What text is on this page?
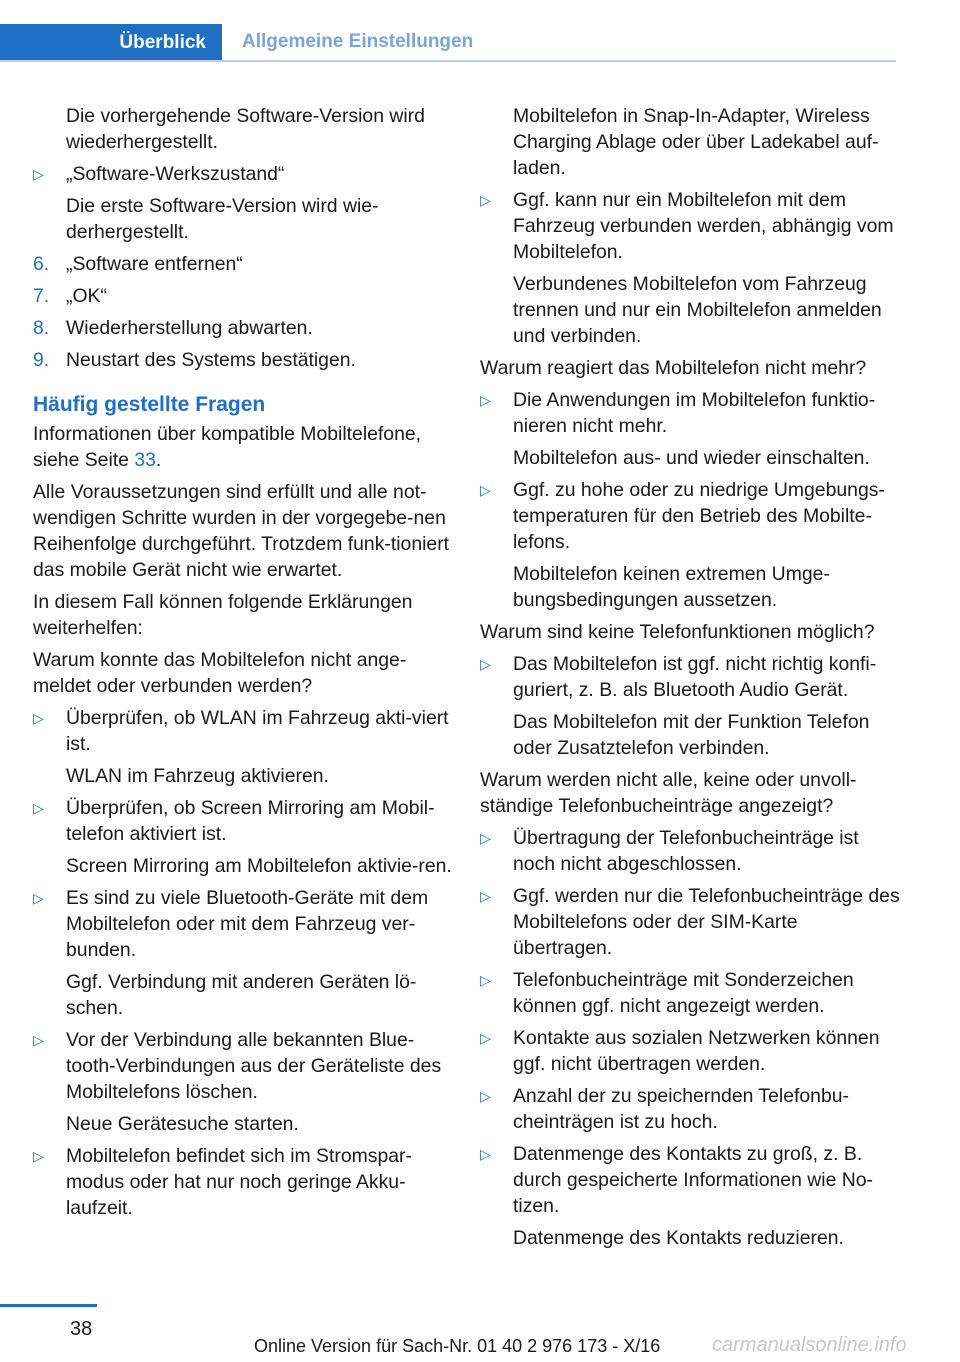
Überblick	Allgemeine Einstellungen
Die vorhergehende Software-Version wird wiederhergestellt.
▷	„Software-Werkszustand“
Die erste Software-Version wird wie-derhergestellt.
6. „Software entfernen“
7. „OK“
8. Wiederherstellung abwarten.
9. Neustart des Systems bestätigen.
Häufig gestellte Fragen
Informationen über kompatible Mobiltelefone, siehe Seite 33.
Alle Voraussetzungen sind erfüllt und alle not-wendigen Schritte wurden in der vorgegebe-nen Reihenfolge durchgeführt. Trotzdem funk-tioniert das mobile Gerät nicht wie erwartet.
In diesem Fall können folgende Erklärungen weiterhelfen:
Warum konnte das Mobiltelefon nicht ange-meldet oder verbunden werden?
▷	Überprüfen, ob WLAN im Fahrzeug akti-viert ist.
WLAN im Fahrzeug aktivieren.
▷	Überprüfen, ob Screen Mirroring am Mobil-telefon aktiviert ist.
Screen Mirroring am Mobiltelefon aktivie-ren.
▷	Es sind zu viele Bluetooth-Geräte mit dem Mobiltelefon oder mit dem Fahrzeug ver-bunden.
Ggf. Verbindung mit anderen Geräten lö-schen.
▷	Vor der Verbindung alle bekannten Blue-tooth-Verbindungen aus der Geräteliste des Mobiltelefons löschen.
Neue Gerätesuche starten.
▷	Mobiltelefon befindet sich im Stromspar-modus oder hat nur noch geringe Akku-laufzeit.
Mobiltelefon in Snap-In-Adapter, Wireless Charging Ablage oder über Ladekabel auf-laden.
▷	Ggf. kann nur ein Mobiltelefon mit dem Fahrzeug verbunden werden, abhängig vom Mobiltelefon.
Verbundenes Mobiltelefon vom Fahrzeug trennen und nur ein Mobiltelefon anmelden und verbinden.
Warum reagiert das Mobiltelefon nicht mehr?
▷	Die Anwendungen im Mobiltelefon funktio-nieren nicht mehr.
Mobiltelefon aus- und wieder einschalten.
▷	Ggf. zu hohe oder zu niedrige Umgebungs-temperaturen für den Betrieb des Mobilte-lefons.
Mobiltelefon keinen extremen Umge-bungsbedingungen aussetzen.
Warum sind keine Telefonfunktionen möglich?
▷	Das Mobiltelefon ist ggf. nicht richtig konfi-guriert, z. B. als Bluetooth Audio Gerät.
Das Mobiltelefon mit der Funktion Telefon oder Zusatztelefon verbinden.
Warum werden nicht alle, keine oder unvoll-ständige Telefonbucheinträge angezeigt?
▷	Übertragung der Telefonbucheinträge ist noch nicht abgeschlossen.
▷	Ggf. werden nur die Telefonbucheinträge des Mobiltelefons oder der SIM-Karte übertragen.
▷	Telefonbucheinträge mit Sonderzeichen können ggf. nicht angezeigt werden.
▷	Kontakte aus sozialen Netzwerken können ggf. nicht übertragen werden.
▷	Anzahl der zu speichernden Telefonbu-cheinträgen ist zu hoch.
▷	Datenmenge des Kontakts zu groß, z. B. durch gespeicherte Informationen wie No-tizen.
Datenmenge des Kontakts reduzieren.
38
Online Version für Sach-Nr. 01 40 2 976 173 - X/16	carmanualsonline.info
